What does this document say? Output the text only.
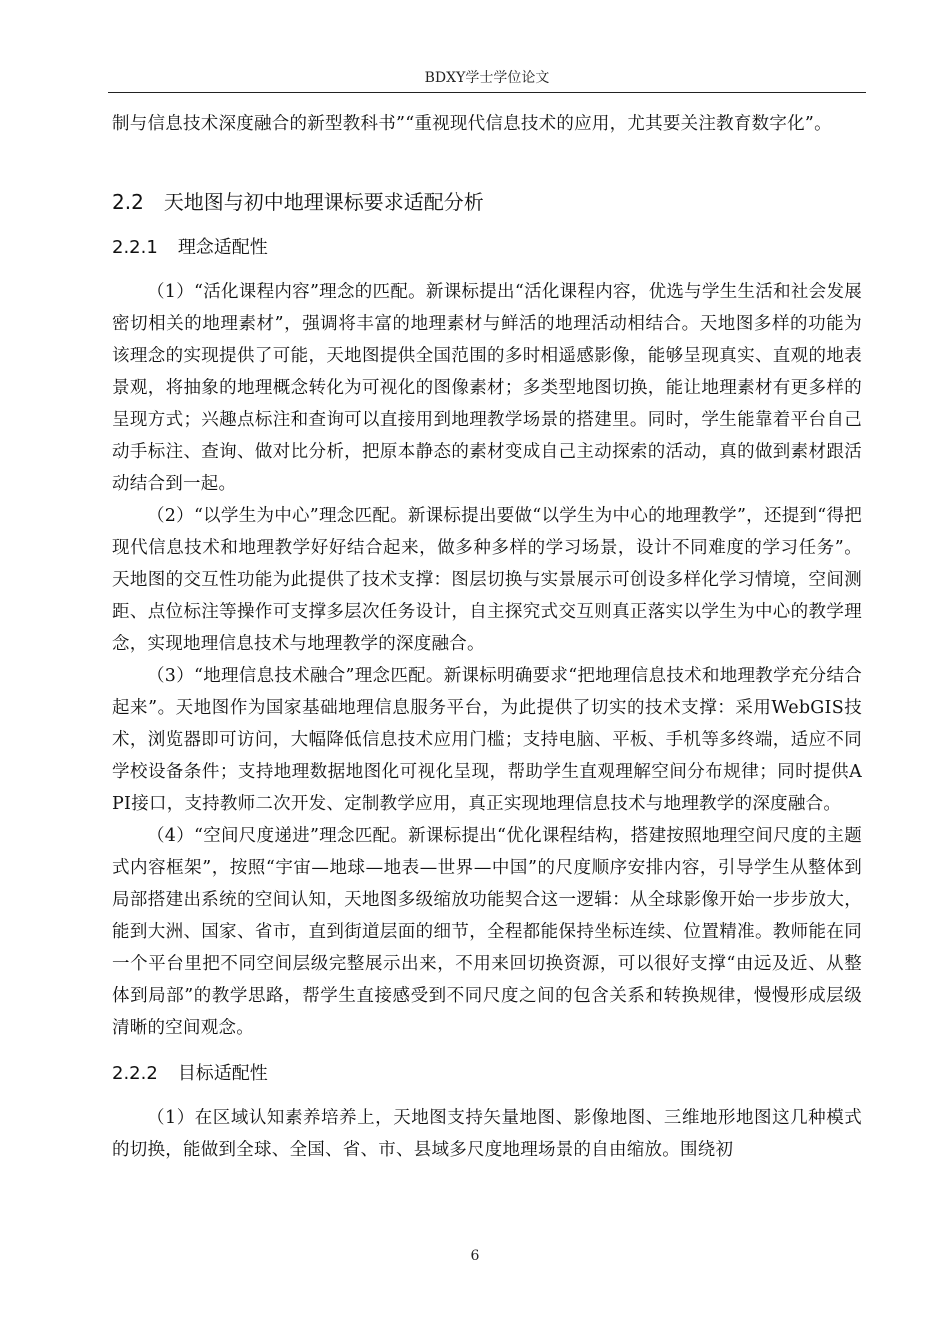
BDXY学士学位论文

制与信息技术深度融合的新型教科书”“重视现代信息技术的应用，尤其要关注教育数字化”。

2.2 天地图与初中地理课标要求适配分析
2.2.1 理念适配性

（1）“活化课程内容”理念的匹配。新课标提出“活化课程内容，优选与学生生活和社会发展密切相关的地理素材”，强调将丰富的地理素材与鲜活的地理活动相结合。天地图多样的功能为该理念的实现提供了可能，天地图提供全国范围的多时相遥感影像，能够呈现真实、直观的地表景观，将抽象的地理概念转化为可视化的图像素材；多类型地图切换，能让地理素材有更多样的呈现方式；兴趣点标注和查询可以直接用到地理教学场景的搭建里。同时，学生能靠着平台自己动手标注、查询、做对比分析，把原本静态的素材变成自己主动探索的活动，真的做到素材跟活动结合到一起。

（2）“以学生为中心”理念匹配。新课标提出要做“以学生为中心的地理教学”，还提到“得把现代信息技术和地理教学好好结合起来，做多种多样的学习场景，设计不同难度的学习任务”。天地图的交互性功能为此提供了技术支撑：图层切换与实景展示可创设多样化学习情境，空间测距、点位标注等操作可支撑多层次任务设计，自主探究式交互则真正落实以学生为中心的教学理念，实现地理信息技术与地理教学的深度融合。

（3）“地理信息技术融合”理念匹配。新课标明确要求“把地理信息技术和地理教学充分结合起来”。天地图作为国家基础地理信息服务平台，为此提供了切实的技术支撑：采用WebGIS技术，浏览器即可访问，大幅降低信息技术应用门槛；支持电脑、平板、手机等多终端，适应不同学校设备条件；支持地理数据地图化可视化呈现，帮助学生直观理解空间分布规律；同时提供API接口，支持教师二次开发、定制教学应用，真正实现地理信息技术与地理教学的深度融合。

（4）“空间尺度递进”理念匹配。新课标提出“优化课程结构，搭建按照地理空间尺度的主题式内容框架”，按照“宇宙—地球—地表—世界—中国”的尺度顺序安排内容，引导学生从整体到局部搭建出系统的空间认知，天地图多级缩放功能契合这一逻辑：从全球影像开始一步步放大，能到大洲、国家、省市，直到街道层面的细节，全程都能保持坐标连续、位置精准。教师能在同一个平台里把不同空间层级完整展示出来，不用来回切换资源，可以很好支撑“由远及近、从整体到局部”的教学思路，帮学生直接感受到不同尺度之间的包含关系和转换规律，慢慢形成层级清晰的空间观念。

2.2.2 目标适配性

（1）在区域认知素养培养上，天地图支持矢量地图、影像地图、三维地形地图这几种模式的切换，能做到全球、全国、省、市、县域多尺度地理场景的自由缩放。围绕初

6
